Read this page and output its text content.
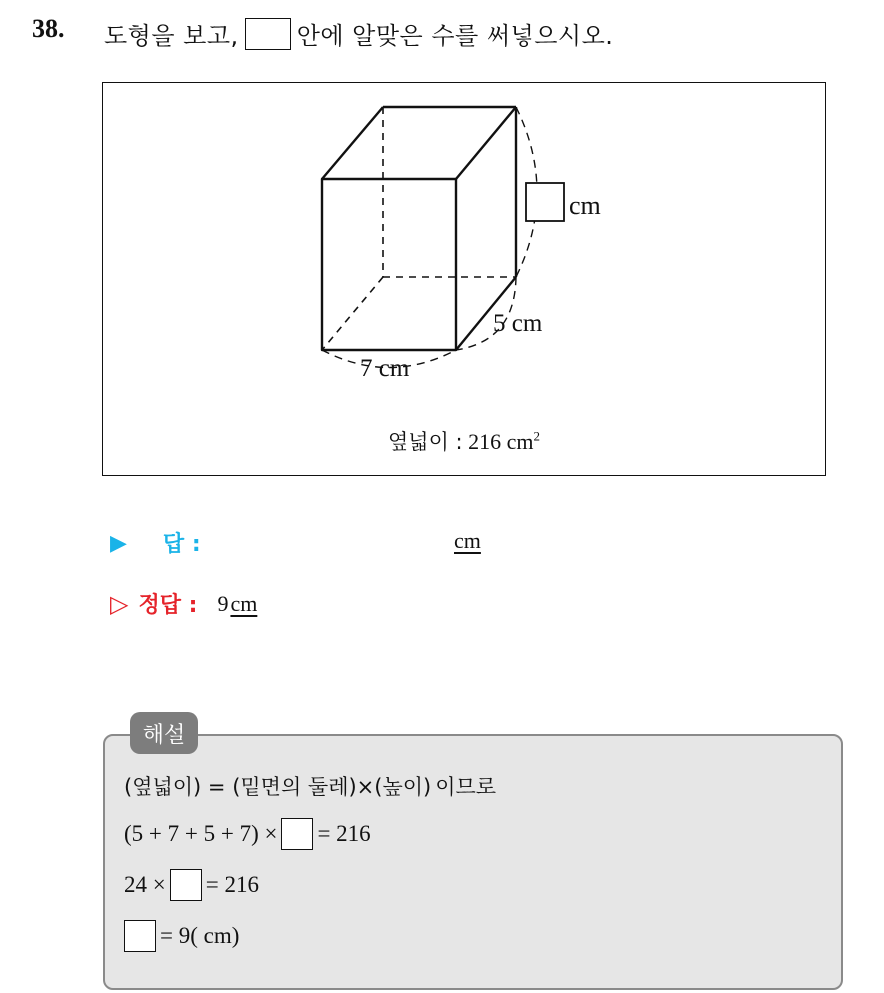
38. 도형을 보고, 안에 알맞은 수를 써넣으시오.
cm
5 cm
7 cm
옆넓이 : 216 $cm^2$
▶ 답 :	cm
▷ 정답 : 9 cm
해설
(옆넓이) = (밑면의 둘레)×(높이) 이므로
(5 + 7 + 5 + 7) × = 216
24 × = 216
= 9( cm)
